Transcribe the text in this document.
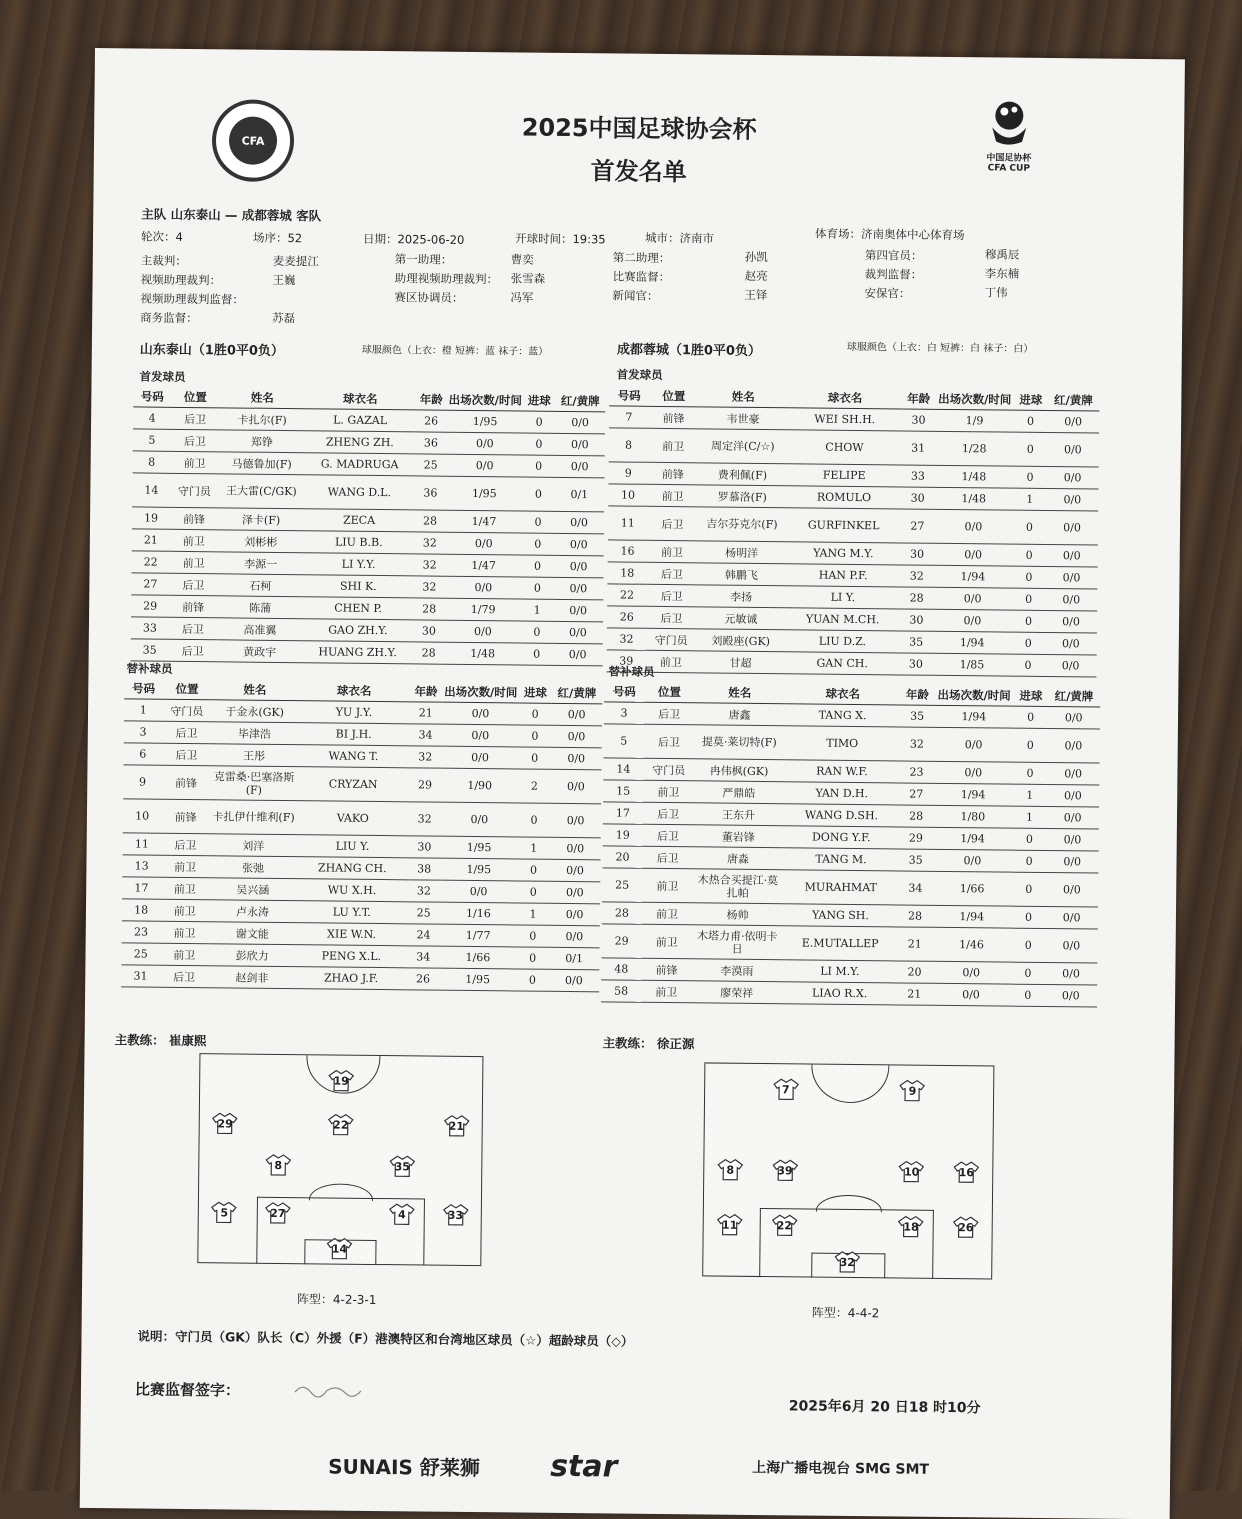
CFA
中国足协杯
CFA CUP
2025中国足球协会杯
首发名单
主队 山东泰山 — 成都蓉城 客队
轮次：4	场序：52	日期：2025-06-20	开球时间：19:35	城市：济南市	体育场：济南奥体中心体育场
主裁判：	麦麦提江
视频助理裁判：	王巍
视频助理裁判监督：
商务监督：	苏磊
第一助理：	曹奕
助理视频助理裁判： 张雪森
赛区协调员：	冯军
第二助理：	孙凯
比赛监督：	赵亮
新闻官：	王铎
第四官员：	穆禹辰
裁判监督：	李东楠
安保官：	丁伟
山东泰山（1胜0平0负）	球服颜色（上衣：橙 短裤：蓝 袜子：蓝）	成都蓉城（1胜0平0负）	球服颜色（上衣：白 短裤：白 袜子：白）
首发球员	首发球员
号码	位置	姓名	球衣名	年龄	出场次数/时间	进球	红/黄牌
4	后卫	卡扎尔(F)	L. GAZAL	26	1/95	0	0/0
5	后卫	郑铮	ZHENG ZH.	36	0/0	0	0/0
8	前卫	马德鲁加(F)	G. MADRUGA	25	0/0	0	0/0
14	守门员	王大雷(C/GK)	WANG D.L.	36	1/95	0	0/1
19	前锋	泽卡(F)	ZECA	28	1/47	0	0/0
21	前卫	刘彬彬	LIU B.B.	32	0/0	0	0/0
22	前卫	李源一	LI Y.Y.	32	1/47	0	0/0
27	后卫	石柯	SHI K.	32	0/0	0	0/0
29	前锋	陈蒲	CHEN P.	28	1/79	1	0/0
33	后卫	高准翼	GAO ZH.Y.	30	0/0	0	0/0
35	后卫	黄政宇	HUANG ZH.Y.	28	1/48	0	0/0
号码	位置	姓名	球衣名	年龄	出场次数/时间	进球	红/黄牌
7	前锋	韦世豪	WEI SH.H.	30	1/9	0	0/0
8	前卫	周定洋(C/☆)	CHOW	31	1/28	0	0/0
9	前锋	费利佩(F)	FELIPE	33	1/48	0	0/0
10	前卫	罗慕洛(F)	ROMULO	30	1/48	1	0/0
11	后卫	吉尔芬克尔(F)	GURFINKEL	27	0/0	0	0/0
16	前卫	杨明洋	YANG M.Y.	30	0/0	0	0/0
18	后卫	韩鹏飞	HAN P.F.	32	1/94	0	0/0
22	后卫	李扬	LI Y.	28	0/0	0	0/0
26	后卫	元敏诚	YUAN M.CH.	30	0/0	0	0/0
32	守门员	刘殿座(GK)	LIU D.Z.	35	1/94	0	0/0
39	前卫	甘超	GAN CH.	30	1/85	0	0/0
替补球员	替补球员
号码	位置	姓名	球衣名	年龄	出场次数/时间	进球	红/黄牌
1	守门员	于金永(GK)	YU J.Y.	21	0/0	0	0/0
3	后卫	毕津浩	BI J.H.	34	0/0	0	0/0
6	后卫	王彤	WANG T.	32	0/0	0	0/0
9	前锋	克雷桑·巴塞洛斯(F)	CRYZAN	29	1/90	2	0/0
10	前锋	卡扎伊什维利(F)	VAKO	32	0/0	0	0/0
11	后卫	刘洋	LIU Y.	30	1/95	1	0/0
13	前卫	张弛	ZHANG CH.	38	1/95	0	0/0
17	前卫	吴兴涵	WU X.H.	32	0/0	0	0/0
18	前卫	卢永涛	LU Y.T.	25	1/16	1	0/0
23	前卫	谢文能	XIE W.N.	24	1/77	0	0/0
25	前卫	彭欣力	PENG X.L.	34	1/66	0	0/1
31	后卫	赵剑非	ZHAO J.F.	26	1/95	0	0/0
号码	位置	姓名	球衣名	年龄	出场次数/时间	进球	红/黄牌
3	后卫	唐鑫	TANG X.	35	1/94	0	0/0
5	后卫	提莫·莱切特(F)	TIMO	32	0/0	0	0/0
14	守门员	冉伟枫(GK)	RAN W.F.	23	0/0	0	0/0
15	前卫	严鼎皓	YAN D.H.	27	1/94	1	0/0
17	后卫	王东升	WANG D.SH.	28	1/80	1	0/0
19	后卫	董岩锋	DONG Y.F.	29	1/94	0	0/0
20	后卫	唐淼	TANG M.	35	0/0	0	0/0
25	前卫	木热合买提江·莫扎帕	MURAHMAT	34	1/66	0	0/0
28	前卫	杨帅	YANG SH.	28	1/94	0	0/0
29	前卫	木塔力甫·依明卡日	E.MUTALLEP	21	1/46	0	0/0
48	前锋	李漠雨	LI M.Y.	20	0/0	0	0/0
58	前卫	廖荣祥	LIAO R.X.	21	0/0	0	0/0
主教练： 崔康熙	主教练： 徐正源
19
29	22	21
8	35
5	27	4	33
14
阵型：4-2-3-1
7	9
8	39	10	16
11	22	18	26
32
阵型：4-4-2
说明：守门员（GK）队长（C）外援（F）港澳特区和台湾地区球员（☆）超龄球员（◇）
比赛监督签字：
2025年6月 20 日18 时10分
SUNAIS 舒莱狮 star	上海广播电视台 SMG SMT
